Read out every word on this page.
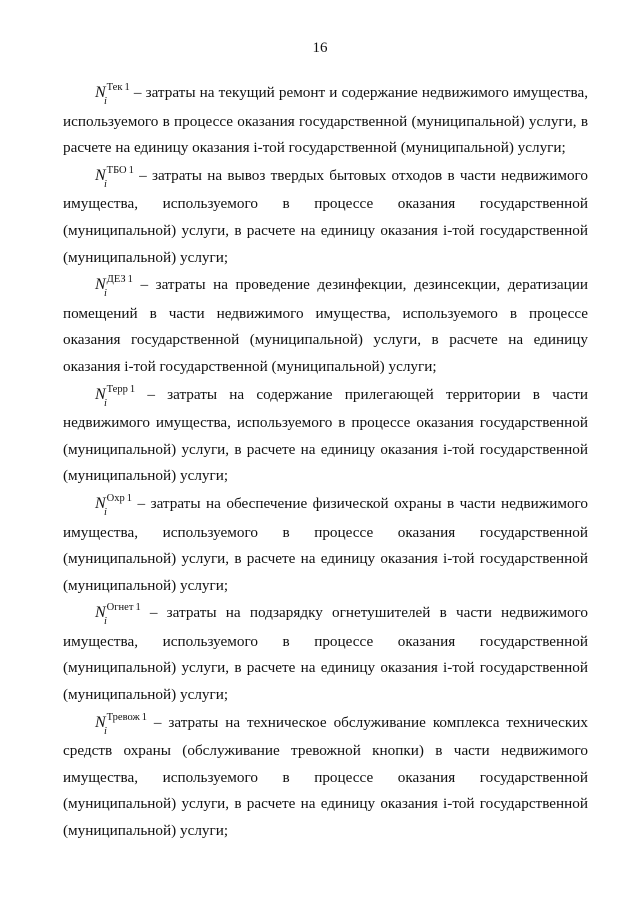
16

N
i
$^{Тек}$ $^1$ – затраты на текущий ремонт и содержание недвижимого имущества, используемого в процессе оказания государственной (муниципальной) услуги, в расчете на единицу оказания i-той государственной (муниципальной) услуги;

N
i
$^{ТБО}$ $^1$ – затраты на вывоз твердых бытовых отходов в части недвижимого имущества, используемого в процессе оказания государственной (муниципальной) услуги, в расчете на единицу оказания i-той государственной (муниципальной) услуги;

N
i
$^{ДЕЗ}$ $^1$ – затраты на проведение дезинфекции, дезинсекции, дератизации помещений в части недвижимого имущества, используемого в процессе оказания государственной (муниципальной) услуги, в расчете на единицу оказания i-той государственной (муниципальной) услуги;

N
i
$^{Терр}$ $^1$ – затраты на содержание прилегающей территории в части недвижимого имущества, используемого в процессе оказания государственной (муниципальной) услуги, в расчете на единицу оказания i-той государственной (муниципальной) услуги;

N
i
$^{Охр}$ $^1$ – затраты на обеспечение физической охраны в части недвижимого имущества, используемого в процессе оказания государственной (муниципальной) услуги, в расчете на единицу оказания i-той государственной (муниципальной) услуги;

N
i
$^{Огнет}$ $^1$ – затраты на подзарядку огнетушителей в части недвижимого имущества, используемого в процессе оказания государственной (муниципальной) услуги, в расчете на единицу оказания i-той государственной (муниципальной) услуги;

N
i
$^{Тревож}$ $^1$ – затраты на техническое обслуживание комплекса технических средств охраны (обслуживание тревожной кнопки) в части недвижимого имущества, используемого в процессе оказания государственной (муниципальной) услуги, в расчете на единицу оказания i-той государственной (муниципальной) услуги;
